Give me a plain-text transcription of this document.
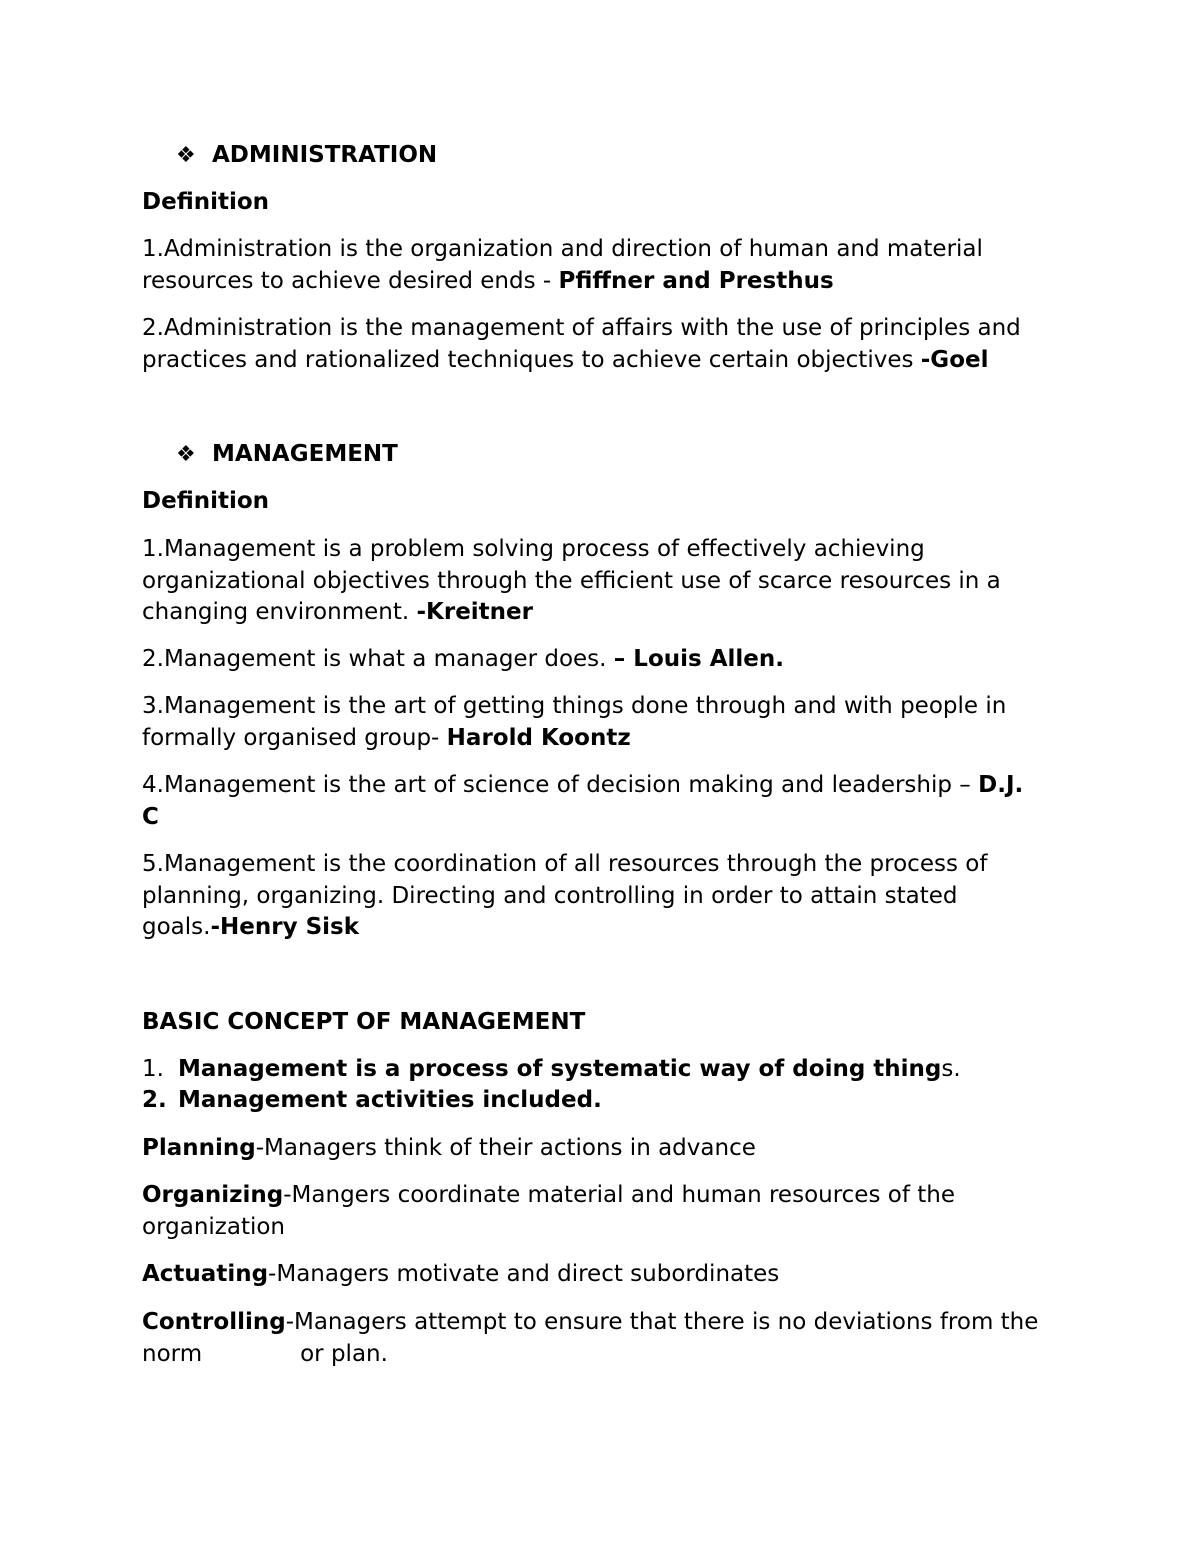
❖ ADMINISTRATION
Definition
1.Administration is the organization and direction of human and material
resources to achieve desired ends - Pfiffner and Presthus
2.Administration is the management of affairs with the use of principles and
practices and rationalized techniques to achieve certain objectives -Goel
❖ MANAGEMENT
Definition
1.Management is a problem solving process of effectively achieving
organizational objectives through the efficient use of scarce resources in a
changing environment. -Kreitner
2.Management is what a manager does. – Louis Allen.
3.Management is the art of getting things done through and with people in
formally organised group- Harold Koontz
4.Management is the art of science of decision making and leadership – D.J.
C
5.Management is the coordination of all resources through the process of
planning, organizing. Directing and controlling in order to attain stated
goals.-Henry Sisk
BASIC CONCEPT OF MANAGEMENT
1. Management is a process of systematic way of doing things.
2. Management activities included.
Planning-Managers think of their actions in advance
Organizing-Mangers coordinate material and human resources of the
organization
Actuating-Managers motivate and direct subordinates
Controlling-Managers attempt to ensure that there is no deviations from the
norm	or plan.
